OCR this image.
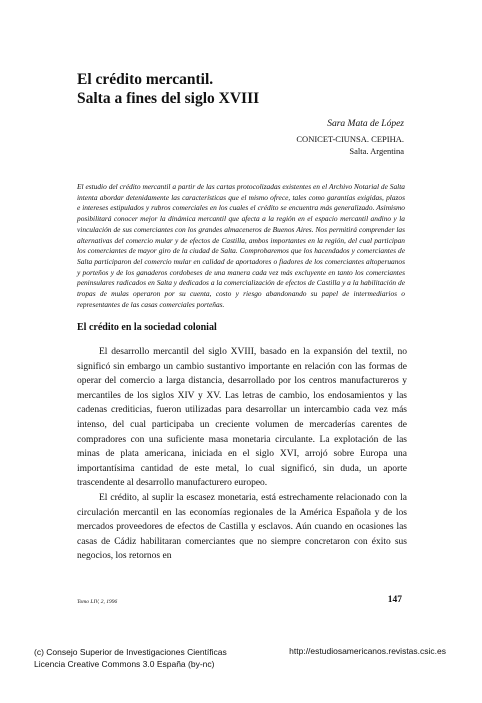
El crédito mercantil.
Salta a fines del siglo XVIII
Sara Mata de López
CONICET-CIUNSA. CEPIHA.
Salta. Argentina

El estudio del crédito mercantil a partir de las cartas protocolizadas existentes en el Archivo Notarial de Salta intenta abordar detenidamente las características que el mismo ofrece, tales como garantías exigidas, plazos e intereses estipulados y rubros comerciales en los cuales el crédito se encuentra más generalizado. Asimismo posibilitará conocer mejor la dinámica mercantil que afecta a la región en el espacio mercantil andino y la vinculación de sus comerciantes con los grandes almaceneros de Buenos Aires. Nos permitirá comprender las alternativas del comercio mular y de efectos de Castilla, ambos importantes en la región, del cual participan los comerciantes de mayor giro de la ciudad de Salta. Comprobaremos que los hacendados y comerciantes de Salta participaron del comercio mular en calidad de aportadores o fiadores de los comerciantes altoperuanos y porteños y de los ganaderos cordobeses de una manera cada vez más excluyente en tanto los comerciantes peninsulares radicados en Salta y dedicados a la comercialización de efectos de Castilla y a la habilitación de tropas de mulas operaron por su cuenta, costo y riesgo abandonando su papel de intermediarios o representantes de las casas comerciales porteñas.

El crédito en la sociedad colonial

El desarrollo mercantil del siglo XVIII, basado en la expansión del textil, no significó sin embargo un cambio sustantivo importante en relación con las formas de operar del comercio a larga distancia, desarrollado por los centros manufactureros y mercantiles de los siglos XIV y XV. Las letras de cambio, los endosamientos y las cadenas crediticias, fueron utilizadas para desarrollar un intercambio cada vez más intenso, del cual participaba un creciente volumen de mercaderías carentes de compradores con una suficiente masa monetaria circulante. La explotación de las minas de plata americana, iniciada en el siglo XVI, arrojó sobre Europa una importantísima cantidad de este metal, lo cual significó, sin duda, un aporte trascendente al desarrollo manufacturero europeo.

El crédito, al suplir la escasez monetaria, está estrechamente relacionado con la circulación mercantil en las economías regionales de la América Española y de los mercados proveedores de efectos de Castilla y esclavos. Aún cuando en ocasiones las casas de Cádiz habilitaran comerciantes que no siempre concretaron con éxito sus negocios, los retornos en

Tomo LIV, 2, 1996	147
(c) Consejo Superior de Investigaciones Científicas
Licencia Creative Commons 3.0 España (by-nc)
http://estudiosamericanos.revistas.csic.es
